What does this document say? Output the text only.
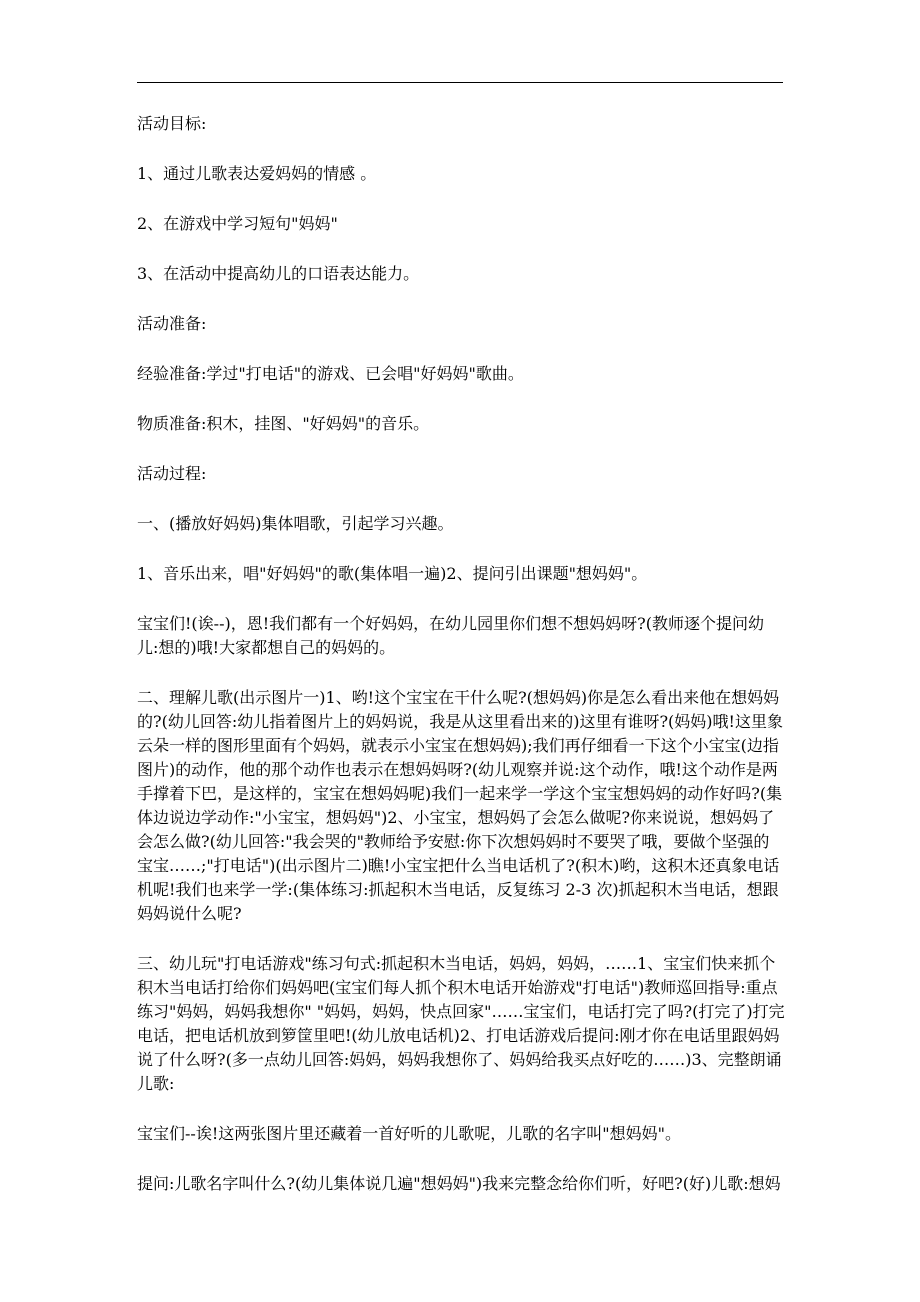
活动目标:

1、通过儿歌表达爱妈妈的情感 。

2、在游戏中学习短句"妈妈"

3、在活动中提高幼儿的口语表达能力。

活动准备:

经验准备:学过"打电话"的游戏、已会唱"好妈妈"歌曲。

物质准备:积木，挂图、"好妈妈"的音乐。

活动过程:

一、(播放好妈妈)集体唱歌，引起学习兴趣。

1、音乐出来，唱"好妈妈"的歌(集体唱一遍)2、提问引出课题"想妈妈"。

宝宝们!(诶--)，恩!我们都有一个好妈妈，在幼儿园里你们想不想妈妈呀?(教师逐个提问幼儿:想的)哦!大家都想自己的妈妈的。

二、理解儿歌(出示图片一)1、哟!这个宝宝在干什么呢?(想妈妈)你是怎么看出来他在想妈妈的?(幼儿回答:幼儿指着图片上的妈妈说，我是从这里看出来的)这里有谁呀?(妈妈)哦!这里象云朵一样的图形里面有个妈妈，就表示小宝宝在想妈妈);我们再仔细看一下这个小宝宝(边指图片)的动作，他的那个动作也表示在想妈妈呀?(幼儿观察并说:这个动作，哦!这个动作是两手撑着下巴，是这样的，宝宝在想妈妈呢)我们一起来学一学这个宝宝想妈妈的动作好吗?(集体边说边学动作:"小宝宝，想妈妈")2、小宝宝，想妈妈了会怎么做呢?你来说说，想妈妈了会怎么做?(幼儿回答:"我会哭的"教师给予安慰:你下次想妈妈时不要哭了哦，要做个坚强的宝宝……;"打电话")(出示图片二)瞧!小宝宝把什么当电话机了?(积木)哟，这积木还真象电话机呢!我们也来学一学:(集体练习:抓起积木当电话，反复练习 2-3 次)抓起积木当电话，想跟妈妈说什么呢?

三、幼儿玩"打电话游戏"练习句式:抓起积木当电话，妈妈，妈妈，……1、宝宝们快来抓个积木当电话打给你们妈妈吧(宝宝们每人抓个积木电话开始游戏"打电话")教师巡回指导:重点练习"妈妈，妈妈我想你" "妈妈，妈妈，快点回家"……宝宝们，电话打完了吗?(打完了)打完电话，把电话机放到箩筐里吧!(幼儿放电话机)2、打电话游戏后提问:刚才你在电话里跟妈妈说了什么呀?(多一点幼儿回答:妈妈，妈妈我想你了、妈妈给我买点好吃的……)3、完整朗诵儿歌:

宝宝们--诶!这两张图片里还藏着一首好听的儿歌呢，儿歌的名字叫"想妈妈"。

提问:儿歌名字叫什么?(幼儿集体说几遍"想妈妈")我来完整念给你们听，好吧?(好)儿歌:想妈
